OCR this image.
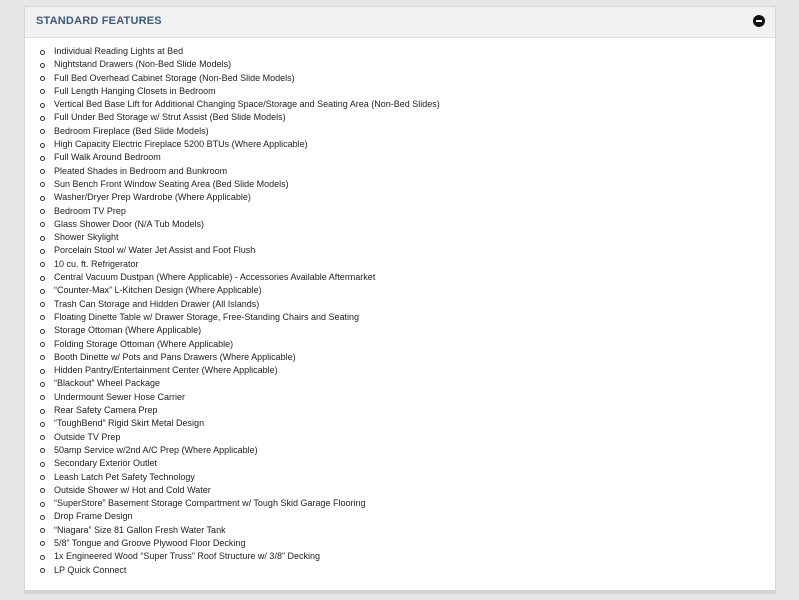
STANDARD FEATURES
Individual Reading Lights at Bed
Nightstand Drawers (Non-Bed Slide Models)
Full Bed Overhead Cabinet Storage (Non-Bed Slide Models)
Full Length Hanging Closets in Bedroom
Vertical Bed Base Lift for Additional Changing Space/Storage and Seating Area (Non-Bed Slides)
Full Under Bed Storage w/ Strut Assist (Bed Slide Models)
Bedroom Fireplace (Bed Slide Models)
High Capacity Electric Fireplace 5200 BTUs (Where Applicable)
Full Walk Around Bedroom
Pleated Shades in Bedroom and Bunkroom
Sun Bench Front Window Seating Area (Bed Slide Models)
Washer/Dryer Prep Wardrobe (Where Applicable)
Bedroom TV Prep
Glass Shower Door (N/A Tub Models)
Shower Skylight
Porcelain Stool w/ Water Jet Assist and Foot Flush
10 cu. ft. Refrigerator
Central Vacuum Dustpan (Where Applicable) - Accessories Available Aftermarket
“Counter-Max” L-Kitchen Design (Where Applicable)
Trash Can Storage and Hidden Drawer (All Islands)
Floating Dinette Table w/ Drawer Storage, Free-Standing Chairs and Seating
Storage Ottoman (Where Applicable)
Folding Storage Ottoman (Where Applicable)
Booth Dinette w/ Pots and Pans Drawers (Where Applicable)
Hidden Pantry/Entertainment Center (Where Applicable)
“Blackout” Wheel Package
Undermount Sewer Hose Carrier
Rear Safety Camera Prep
“ToughBend” Rigid Skirt Metal Design
Outside TV Prep
50amp Service w/2nd A/C Prep (Where Applicable)
Secondary Exterior Outlet
Leash Latch Pet Safety Technology
Outside Shower w/ Hot and Cold Water
“SuperStore” Basement Storage Compartment w/ Tough Skid Garage Flooring
Drop Frame Design
“Niagara” Size 81 Gallon Fresh Water Tank
5/8” Tongue and Groove Plywood Floor Decking
1x Engineered Wood “Super Truss” Roof Structure w/ 3/8” Decking
LP Quick Connect
